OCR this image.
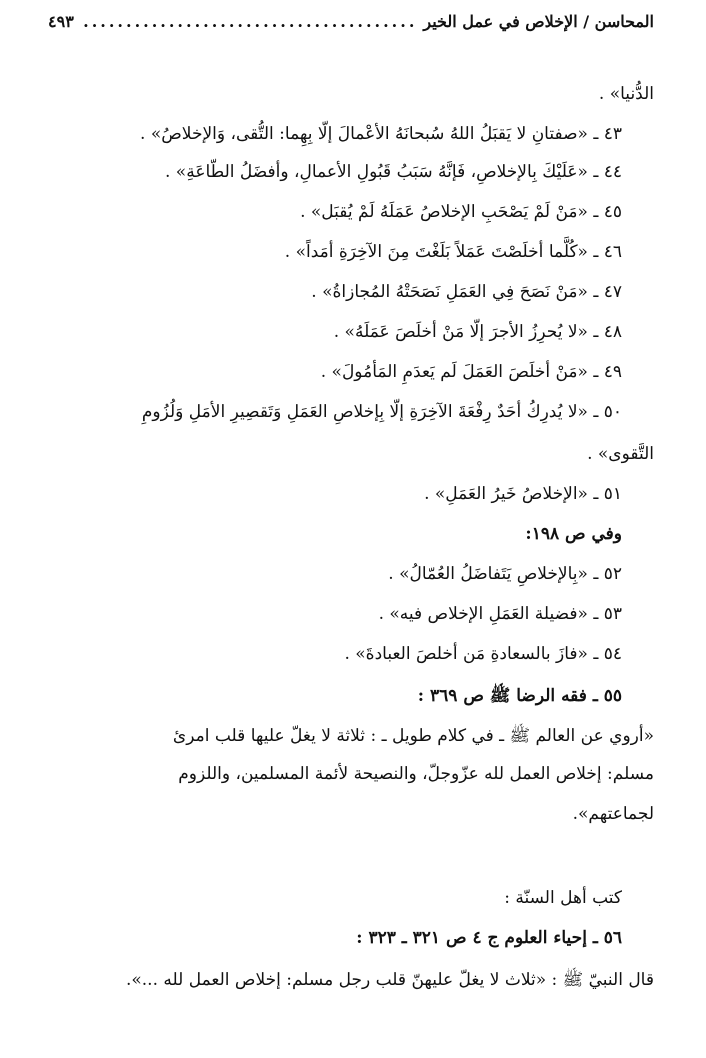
المحاسن / الإخلاص في عمل الخير
.....
٤٩٣
الدُّنيا» .
٤٣ ـ «صفتانِ لا يَقبَلُ اللهُ سُبحانَهُ الأعْمالَ إلّا بِهِما: التُّقى، وَالإخلاصُ» .
٤٤ ـ «عَلَيْكَ بِالإخلاصِ، فَإنَّهُ سَبَبُ قَبُولِ الأعمالِ، وأفضَلُ الطّاعَةِ» .
٤٥ ـ «مَنْ لَمْ يَصْحَبِ الإخلاصُ عَمَلَهُ لَمْ يُقبَل» .
٤٦ ـ «كُلَّما أخلَصْتَ عَمَلاً بَلَغْتَ مِنَ الآخِرَةِ أمَداً» .
٤٧ ـ «مَنْ نَصَحَ فِي العَمَلِ نَصَحَتْهُ المُجازاةُ» .
٤٨ ـ «لا يُحرِزُ الأجرَ إلّا مَنْ أخلَصَ عَمَلَهُ» .
٤٩ ـ «مَنْ أخلَصَ العَمَلَ لَم يَعدَمِ المَأمُولَ» .
٥٠ ـ «لا يُدرِكُ أحَدٌ رِفْعَةَ الآخِرَةِ إلّا بِإخلاصِ العَمَلِ وَتَقصِيرِ الأمَلِ وَلُزُومِ
التَّقوى» .
٥١ ـ «الإخلاصُ خَيرُ العَمَلِ» .
وفي ص ١٩٨:
٥٢ ـ «بِالإخلاصِ يَتَفاضَلُ العُمّالُ» .
٥٣ ـ «فضيلة العَمَلِ الإخلاص فيه» .
٥٤ ـ «فازَ بالسعادةِ مَن أخلصَ العبادةَ» .
٥٥ ـ فقه الرضا ﷺ ص ٣٦٩ :
«أروي عن العالم ﷺ ـ في كلام طويل ـ : ثلاثة لا يغلّ عليها قلب امرئ
مسلم: إخلاص العمل لله عزّوجلّ، والنصيحة لأئمة المسلمين، واللزوم
لجماعتهم».
كتب أهل السنّة :
٥٦ ـ إحياء العلوم ج ٤ ص ٣٢١ ـ ٣٢٣ :
قال النبيّ ﷺ : «ثلاث لا يغلّ عليهنّ قلب رجل مسلم: إخلاص العمل لله ...».
